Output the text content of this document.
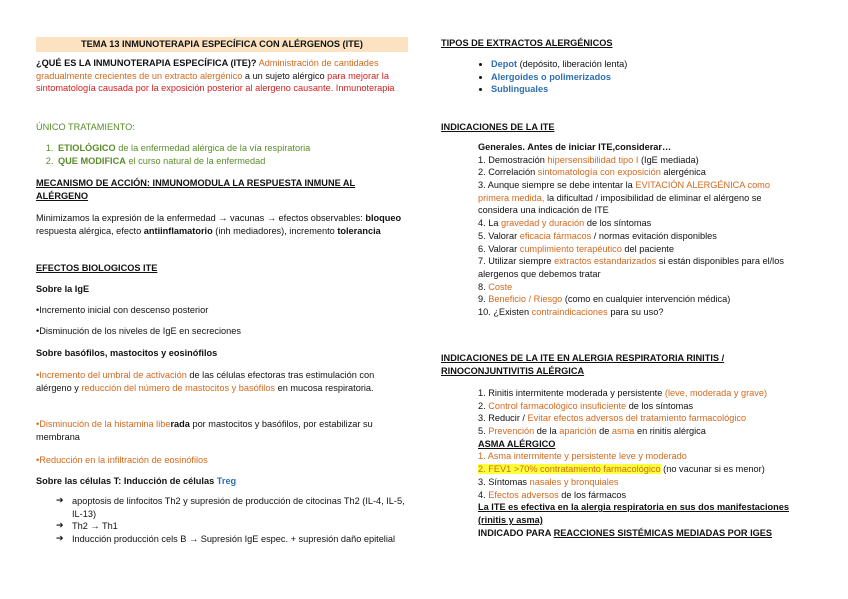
TEMA 13 INMUNOTERAPIA ESPECÍFICA CON ALÉRGENOS (ITE)
¿QUÉ ES LA INMUNOTERAPIA ESPECÍFICA (ITE)? Administración de cantidades gradualmente crecientes de un extracto alergénico a un sujeto alérgico para mejorar la sintomatología causada por la exposición posterior al alergeno causante. Inmunoterapia
ÚNICO TRATAMIENTO:
1. ETIOLÓGICO de la enfermedad alérgica de la vía respiratoria
2. QUE MODIFICA el curso natural de la enfermedad
MECANISMO DE ACCIÓN: INMUNOMODULA LA RESPUESTA INMUNE AL ALÉRGENO
Minimizamos la expresión de la enfermedad → vacunas → efectos observables: bloqueo respuesta alérgica, efecto antiinflamatorio (inh mediadores), incremento tolerancia
EFECTOS BIOLOGICOS ITE
Sobre la IgE
•Incremento inicial con descenso posterior
•Disminución de los niveles de IgE en secreciones
Sobre basófilos, mastocitos y eosinófilos
•Incremento del umbral de activación de las células efectoras tras estimulación con alérgeno y reducción del número de mastocitos y basófilos en mucosa respiratoria.
•Disminución de la histamina liberada por mastocitos y basófilos, por estabilizar su membrana
•Reducción en la infiltración de eosinófilos
Sobre las células T: Inducción de células Treg
➔ apoptosis de linfocitos Th2 y supresión de producción de citocinas Th2 (IL-4, IL-5, IL-13)
➔ Th2 → Th1
➔ Inducción producción cels B → Supresión IgE espec. + supresión daño epitelial
TIPOS DE EXTRACTOS ALERGÉNICOS
• Depot (depósito, liberación lenta)
• Alergoides o polimerizados
• Sublinguales
INDICACIONES DE LA ITE
Generales. Antes de iniciar ITE,considerar…
1. Demostración hipersensibilidad tipo I (IgE mediada)
2. Correlación sintomatología con exposición alergénica
3. Aunque siempre se debe intentar la EVITACIÓN ALERGÉNICA como primera medida, la dificultad / imposibilidad de eliminar el alérgeno se considera una indicación de ITE
4. La gravedad y duración de los síntomas
5. Valorar eficacia fármacos / normas evitación disponibles
6. Valorar cumplimiento terapéutico del paciente
7. Utilizar siempre extractos estandarizados si están disponibles para el/los alergenos que debemos tratar
8. Coste
9. Beneficio / Riesgo (como en cualquier intervención médica)
10. ¿Existen contraindicaciones para su uso?
INDICACIONES DE LA ITE EN ALERGIA RESPIRATORIA RINITIS / RINOCONJUNTIVITIS ALÉRGICA
1. Rinitis intermitente moderada y persistente (leve, moderada y grave)
2. Control farmacológico insuficiente de los síntomas
3. Reducir / Evitar efectos adversos del tratamiento farmacológico
5. Prevención de la aparición de asma en rinitis alérgica
ASMA ALÉRGICO
1. Asma intermitente y persistente leve y moderado
2. FEV1 >70% contratamiento farmacológico (no vacunar si es menor)
3. Síntomas nasales y bronquiales
4. Efectos adversos de los fármacos
La ITE es efectiva en la alergia respiratoria en sus dos manifestaciones (rinitis y asma)
INDICADO PARA REACCIONES SISTÉMICAS MEDIADAS POR IGES
